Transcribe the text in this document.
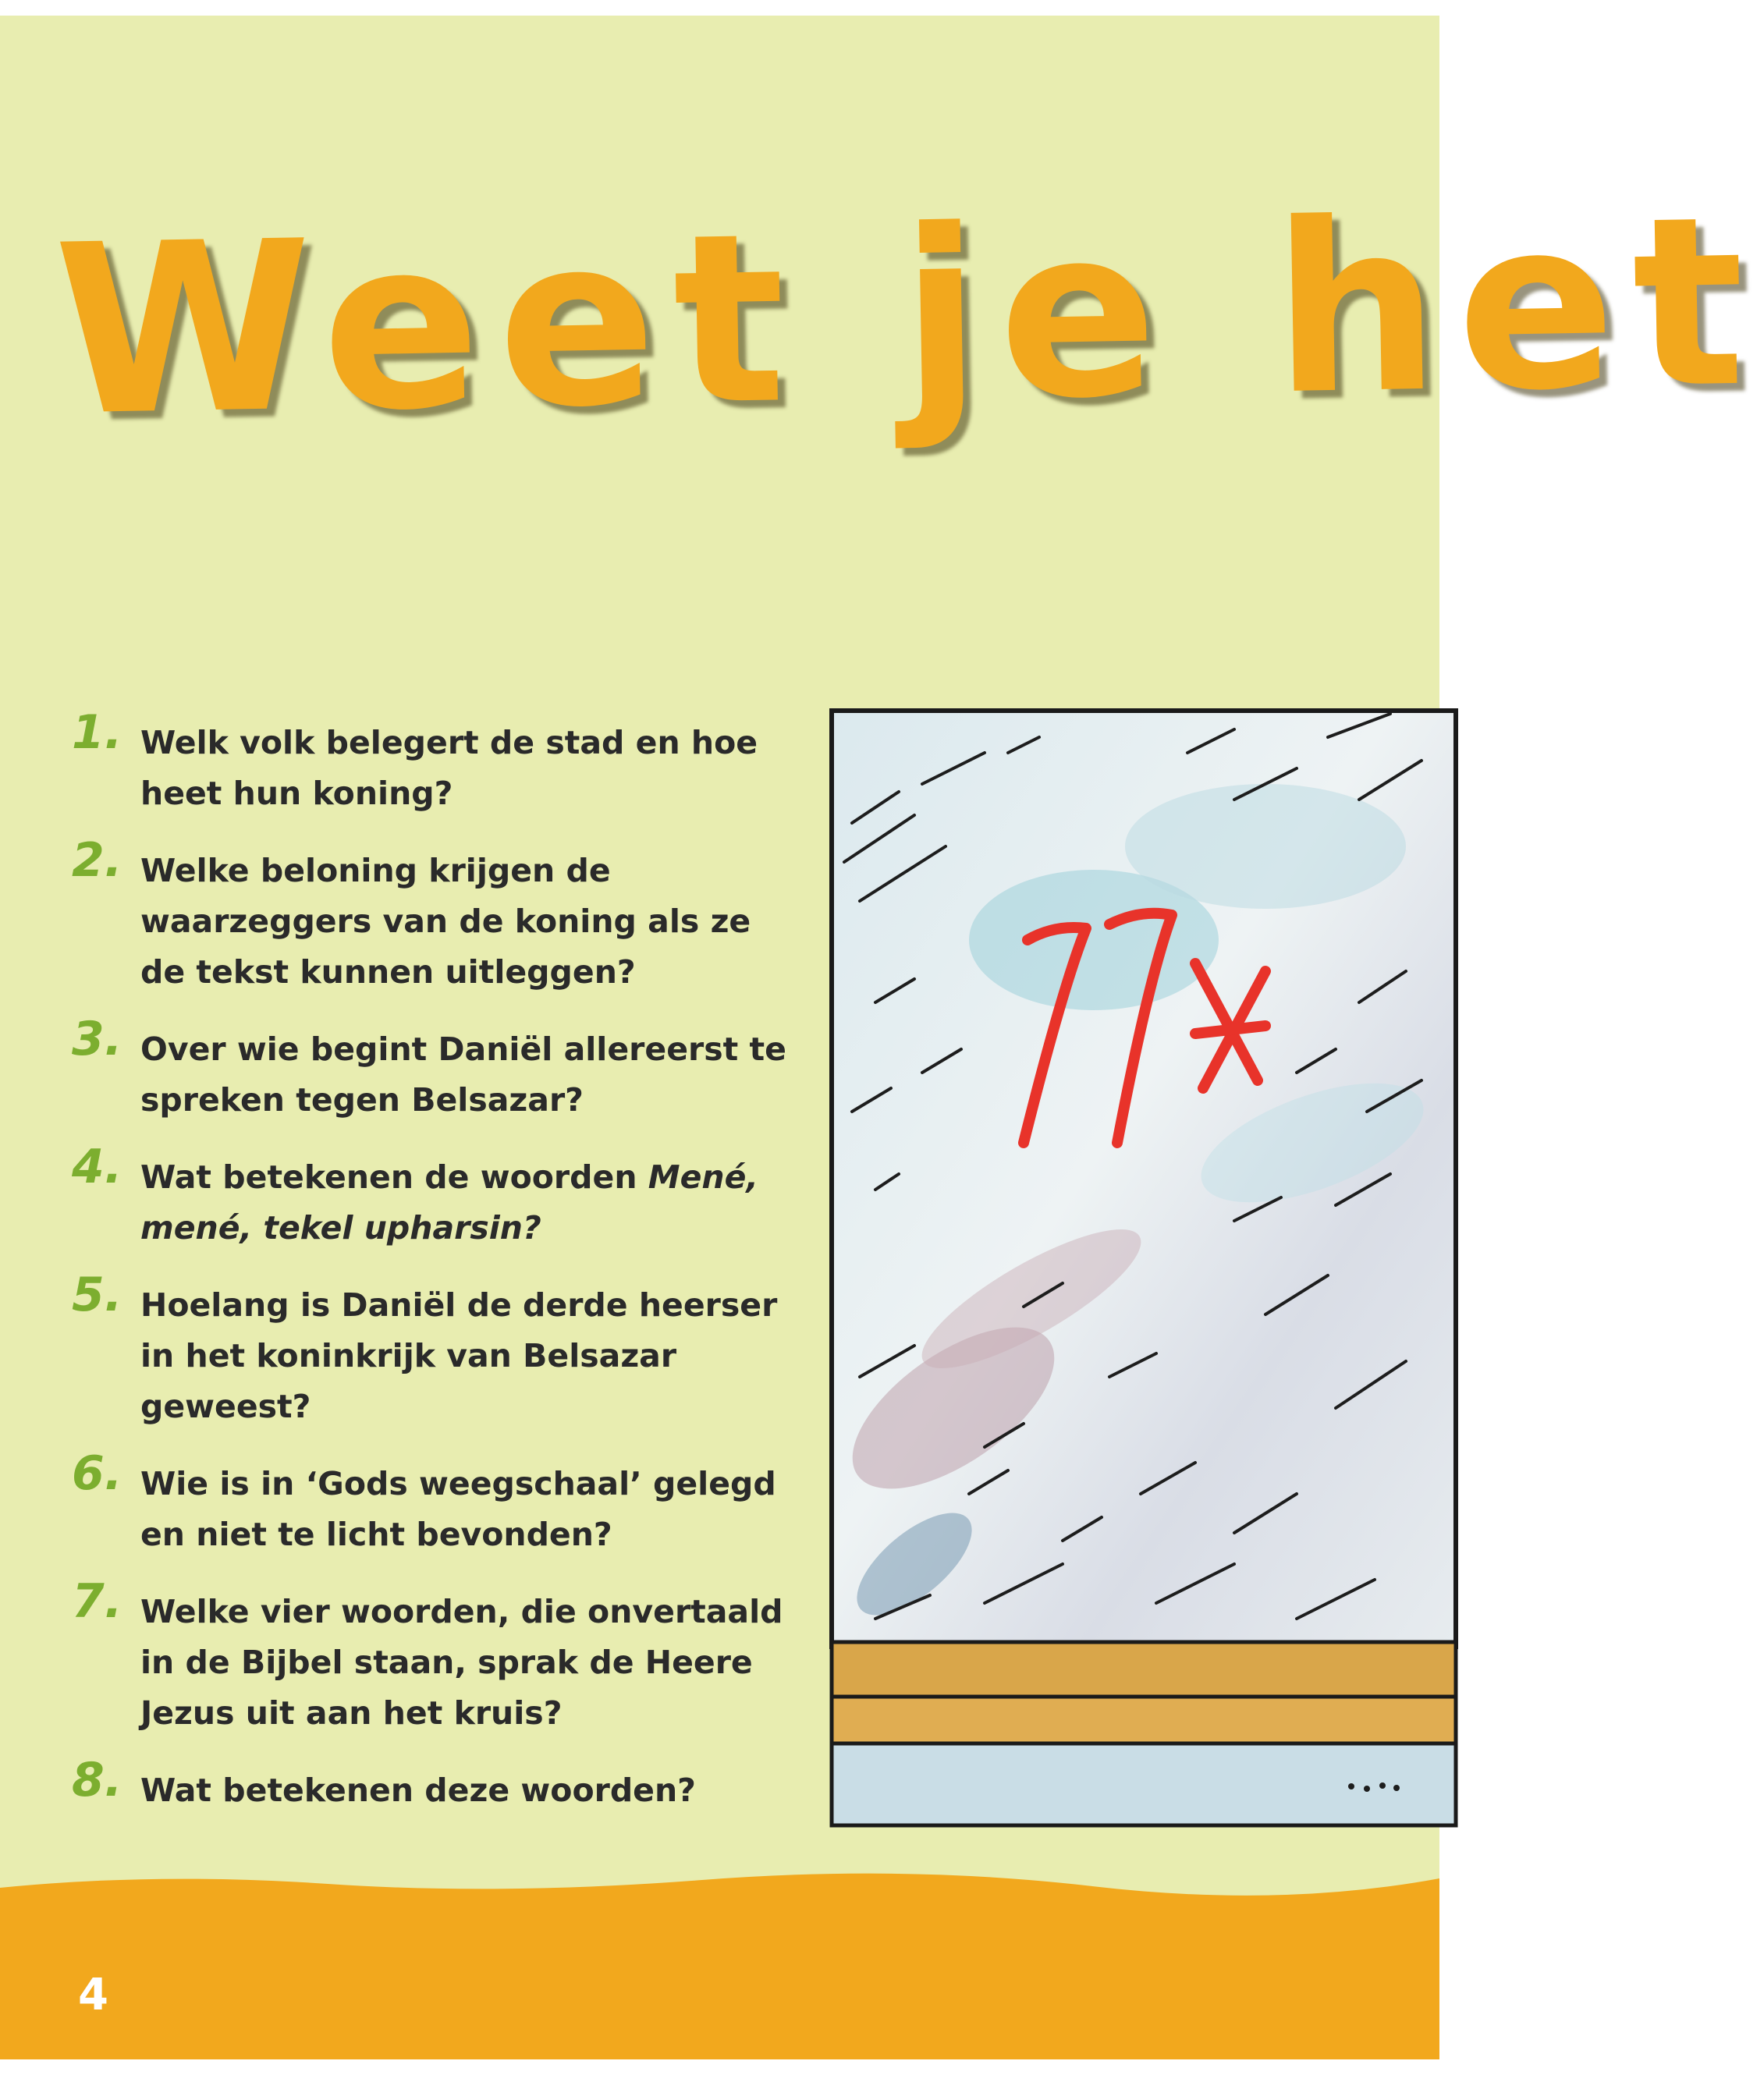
Weet je het
1. Welk volk belegert de stad en hoe heet hun koning?
2. Welke beloning krijgen de waarzeggers van de koning als ze de tekst kunnen uitleggen?
3. Over wie begint Daniël allereerst te spreken tegen Belsazar?
4. Wat betekenen de woorden Mené, mené, tekel upharsin?
5. Hoelang is Daniël de derde heerser in het koninkrijk van Belsazar geweest?
6. Wie is in ‘Gods weegschaal’ gelegd en niet te licht bevonden?
7. Welke vier woorden, die onvertaald in de Bijbel staan, sprak de Heere Jezus uit aan het kruis?
8. Wat betekenen deze woorden?
4
